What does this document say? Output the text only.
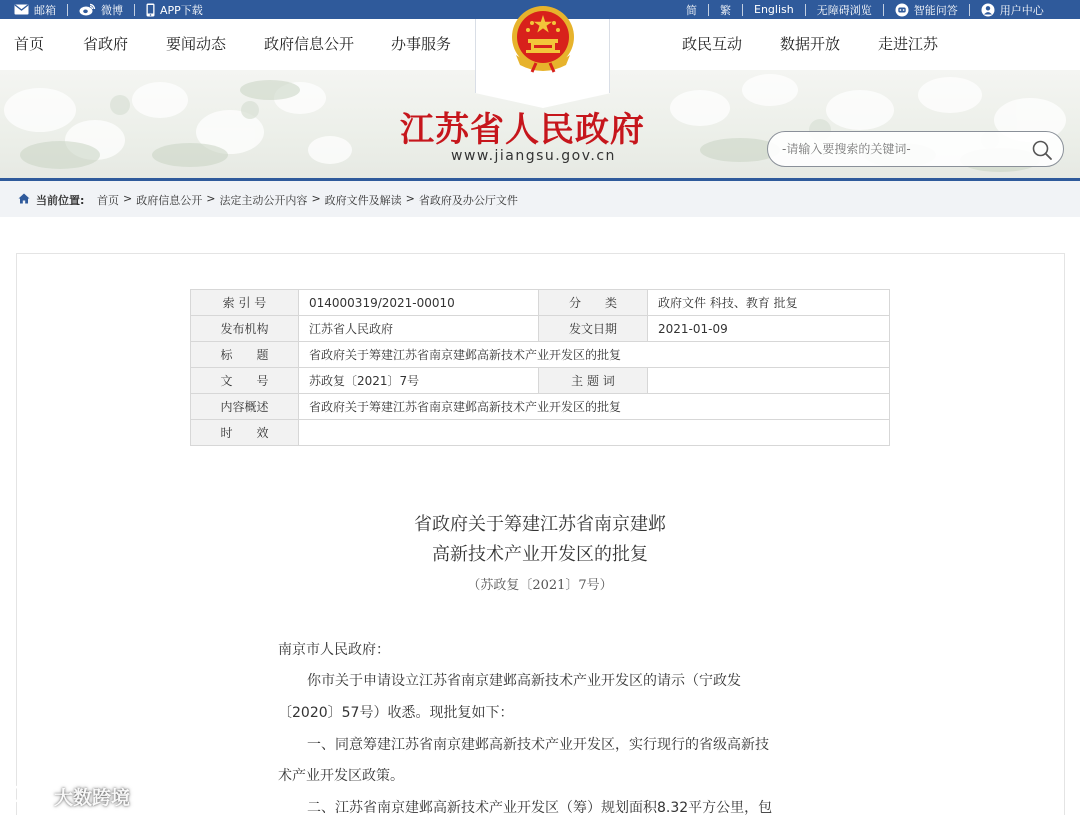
邮箱	微博	APP下载	简 繁 English 无障碍浏览	智能问答	用户中心
首页	省政府	要闻动态	政府信息公开 办事服务	政民互动	数据开放	走进江苏
江苏省人民政府
www.jiangsu.gov.cn
-请输入要搜索的关键词-
当前位置: 首页 > 政府信息公开 > 法定主动公开内容 > 政府文件及解读 > 省政府及办公厅文件
索 引 号	014000319/2021-00010	分　　类	政府文件 科技、教育 批复
发布机构	江苏省人民政府	发文日期	2021-01-09
标　　题	省政府关于筹建江苏省南京建邺高新技术产业开发区的批复		
文　　号	苏政复〔2021〕7号	主 题 词	
内容概述	省政府关于筹建江苏省南京建邺高新技术产业开发区的批复		
时　　效			
省政府关于筹建江苏省南京建邺
高新技术产业开发区的批复
（苏政复〔2021〕7号）
南京市人民政府：
你市关于申请设立江苏省南京建邺高新技术产业开发区的请示（宁政发
〔2020〕57号）收悉。现批复如下：
一、同意筹建江苏省南京建邺高新技术产业开发区，实行现行的省级高新技
术产业开发区政策。
二、江苏省南京建邺高新技术产业开发区（筹）规划面积8.32平方公里，包
大数跨境
